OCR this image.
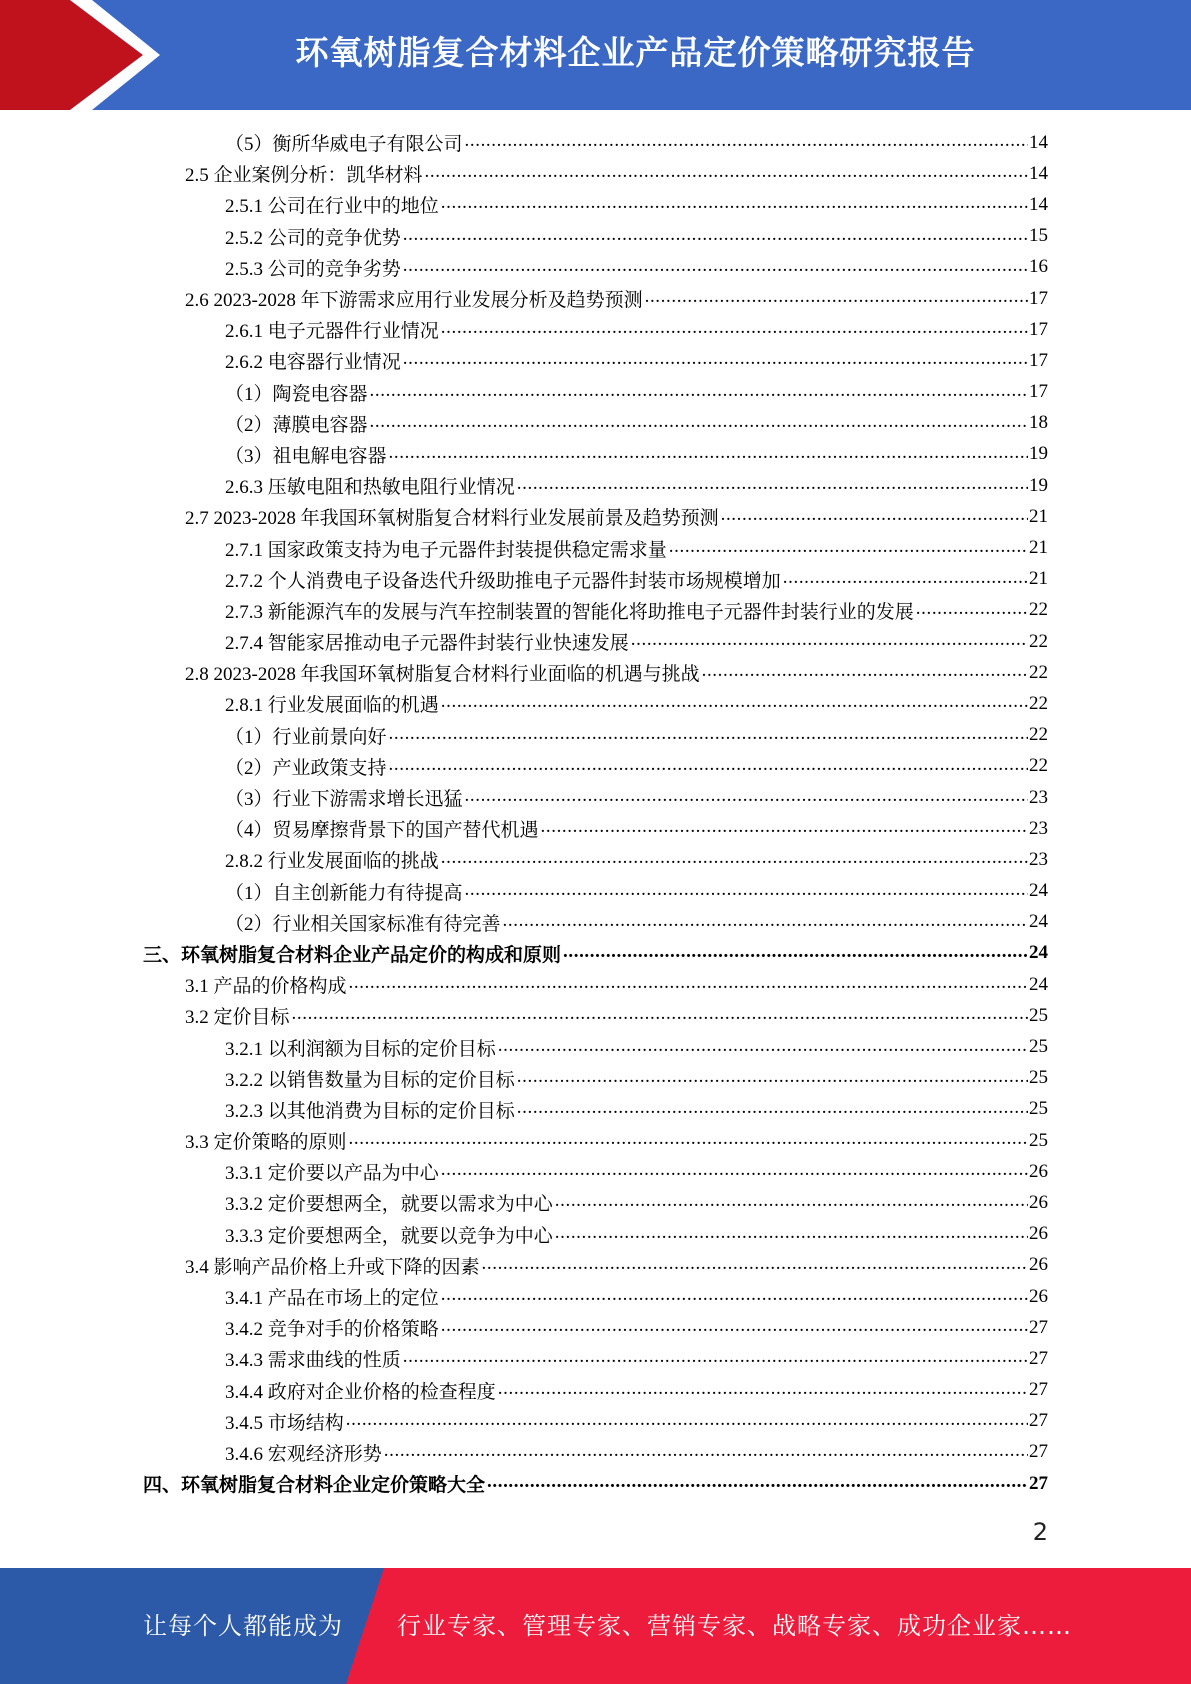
环氧树脂复合材料企业产品定价策略研究报告
（5）衡所华威电子有限公司 .....	14
2.5 企业案例分析：凯华材料 .....	14
2.5.1 公司在行业中的地位 .....	14
2.5.2 公司的竞争优势 .....	15
2.5.3 公司的竞争劣势 .....	16
2.6 2023-2028 年下游需求应用行业发展分析及趋势预测 .....	17
2.6.1 电子元器件行业情况 .....	17
2.6.2 电容器行业情况 .....	17
（1）陶瓷电容器 .....	17
（2）薄膜电容器 .....	18
（3）祖电解电容器 .....	19
2.6.3 压敏电阻和热敏电阻行业情况 .....	19
2.7 2023-2028 年我国环氧树脂复合材料行业发展前景及趋势预测 .....	21
2.7.1 国家政策支持为电子元器件封装提供稳定需求量 .....	21
2.7.2 个人消费电子设备迭代升级助推电子元器件封装市场规模增加 .....	21
2.7.3 新能源汽车的发展与汽车控制装置的智能化将助推电子元器件封装行业的发展 .....	22
2.7.4 智能家居推动电子元器件封装行业快速发展 .....	22
2.8 2023-2028 年我国环氧树脂复合材料行业面临的机遇与挑战 .....	22
2.8.1 行业发展面临的机遇 .....	22
（1）行业前景向好 .....	22
（2）产业政策支持 .....	22
（3）行业下游需求增长迅猛 .....	23
（4）贸易摩擦背景下的国产替代机遇 .....	23
2.8.2 行业发展面临的挑战 .....	23
（1）自主创新能力有待提高 .....	24
（2）行业相关国家标准有待完善 .....	24
三、环氧树脂复合材料企业产品定价的构成和原则 .....	24
3.1 产品的价格构成 .....	24
3.2 定价目标 .....	25
3.2.1 以利润额为目标的定价目标 .....	25
3.2.2 以销售数量为目标的定价目标 .....	25
3.2.3 以其他消费为目标的定价目标 .....	25
3.3 定价策略的原则 .....	25
3.3.1 定价要以产品为中心 .....	26
3.3.2 定价要想两全，就要以需求为中心 .....	26
3.3.3 定价要想两全，就要以竞争为中心 .....	26
3.4 影响产品价格上升或下降的因素 .....	26
3.4.1 产品在市场上的定位 .....	26
3.4.2 竞争对手的价格策略 .....	27
3.4.3 需求曲线的性质 .....	27
3.4.4 政府对企业价格的检查程度 .....	27
3.4.5 市场结构 .....	27
3.4.6 宏观经济形势 .....	27
四、环氧树脂复合材料企业定价策略大全 .....	27
2
让每个人都能成为 行业专家、管理专家、营销专家、战略专家、成功企业家……
